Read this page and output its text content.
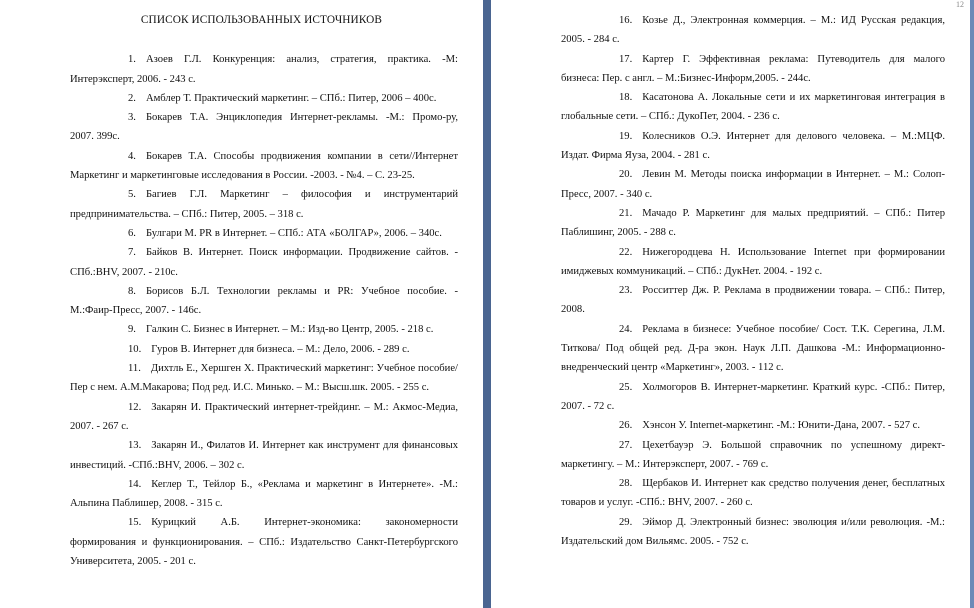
СПИСОК ИСПОЛЬЗОВАННЫХ ИСТОЧНИКОВ
1. Азоев Г.Л. Конкуренция: анализ, стратегия, практика. -М: Интерэксперт, 2006. - 243 с.
2. Амблер Т. Практический маркетинг. – СПб.: Питер, 2006 – 400с.
3. Бокарев Т.А. Энциклопедия Интернет-рекламы. -М.: Промо-ру, 2007. 399с.
4. Бокарев Т.А. Способы продвижения компании в сети//Интернет Маркетинг и маркетинговые исследования в России. -2003. - №4. – С. 23-25.
5. Багиев Г.Л. Маркетинг – философия и инструментарий предпринимательства. – СПб.: Питер, 2005. – 318 с.
6. Булгари М. PR в Интернет. – СПб.: АТА «БОЛГАР», 2006. – 340с.
7. Байков В. Интернет. Поиск информации. Продвижение сайтов. - СПб.:BHV, 2007. - 210с.
8. Борисов Б.Л. Технологии рекламы и PR: Учебное пособие. - М.:Фаир-Пресс, 2007. - 146с.
9. Галкин С. Бизнес в Интернет. – М.: Изд-во Центр, 2005. - 218 с.
10. Гуров В. Интернет для бизнеса. – М.: Дело, 2006. - 289 с.
11. Дихтль Е., Хершген Х. Практический маркетинг: Учебное пособие/Пер с нем. А.М.Макарова; Под ред. И.С. Минько. – М.: Высш.шк. 2005. - 255 с.
12. Закарян И. Практический интернет-трейдинг. – М.: Акмос-Медиа, 2007. - 267 с.
13. Закарян И., Филатов И. Интернет как инструмент для финансовых инвестиций. -СПб.:BHV, 2006. – 302 с.
14. Кеглер Т., Тейлор Б., «Реклама и маркетинг в Интернете». -М.: Альпина Паблишер, 2008. - 315 с.
15. Курицкий А.Б. Интернет-экономика: закономерности формирования и функционирования. – СПб.: Издательство Санкт-Петербургского Университета, 2005. - 201 с.
12
16. Козье Д., Электронная коммерция. – М.: ИД Русская редакция, 2005. - 284 с.
17. Картер Г. Эффективная реклама: Путеводитель для малого бизнеса: Пер. с англ. – М.:Бизнес-Информ,2005. - 244с.
18. Касатонова А. Локальные сети и их маркетинговая интеграция в глобальные сети. – СПб.: ДукоПет, 2004. - 236 с.
19. Колесников О.Э. Интернет для делового человека. – М.:МЦФ. Издат. Фирма Яуза, 2004. - 281 с.
20. Левин М. Методы поиска информации в Интернет. – М.: Солоп-Пресс, 2007. - 340 с.
21. Мачадо Р. Маркетинг для малых предприятий. – СПб.: Питер Паблишинг, 2005. - 288 с.
22. Нижегородцева Н. Использование Internet при формировании имиджевых коммуникаций. – СПб.: ДукНет. 2004. - 192 с.
23. Росситтер Дж. Р. Реклама в продвижении товара. – СПб.: Питер, 2008.
24. Реклама в бизнесе: Учебное пособие/ Сост. Т.К. Серегина, Л.М. Титкова/ Под общей ред. Д-ра экон. Наук Л.П. Дашкова -М.: Информационно-внедренческий центр «Маркетинг», 2003. - 112 с.
25. Холмогоров В. Интернет-маркетинг. Краткий курс. -СПб.: Питер, 2007. - 72 с.
26. Хэнсон У. Internet-маркетинг. -М.: Юнити-Дана, 2007. - 527 с.
27. Цехетбауэр Э. Большой справочник по успешному директ-маркетингу. – М.: Интерэксперт, 2007. - 769 с.
28. Щербаков И. Интернет как средство получения денег, бесплатных товаров и услуг. -СПб.: BHV, 2007. - 260 с.
29. Эймор Д. Электронный бизнес: эволюция и/или революция. -М.: Издательский дом Вильямс. 2005. - 752 с.
